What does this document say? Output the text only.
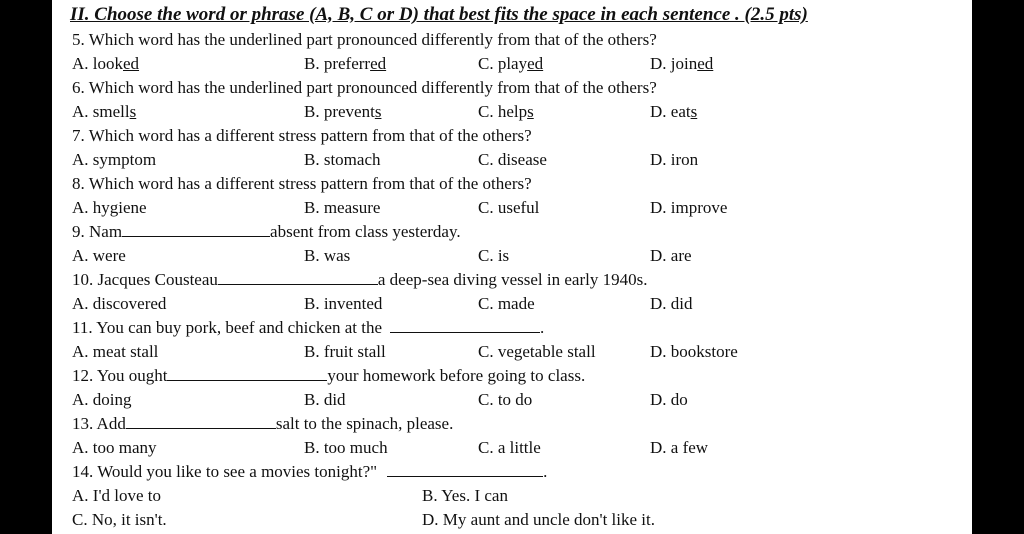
II. Choose the word or phrase (A, B, C or D) that best fits the space in each sentence . (2.5 pts)
5. Which word has the underlined part pronounced differently from that of the others?
A. looked	B. preferred	C. played	D. joined
6. Which word has the underlined part pronounced differently from that of the others?
A. smells	B. prevents	C. helps	D. eats
7. Which word has a different stress pattern from that of the others?
A. symptom	B. stomach	C. disease	D. iron
8. Which word has a different stress pattern from that of the others?
A. hygiene	B. measure	C. useful	D. improve
9. Nam	absent from class yesterday.
A. were	B. was	C. is	D. are
10. Jacques Cousteau	a deep-sea diving vessel in early 1940s.
A. discovered	B. invented	C. made	D. did
11. You can buy pork, beef and chicken at the	.
A. meat stall	B. fruit stall	C. vegetable stall	D. bookstore
12. You ought	your homework before going to class.
A. doing	B. did	C. to do	D. do
13. Add	salt to the spinach, please.
A. too many	B. too much	C. a little	D. a few
14. Would you like to see a movies tonight?"	.
A. I'd love to	B. Yes. I can
C. No, it isn't.	D. My aunt and uncle don't like it.
